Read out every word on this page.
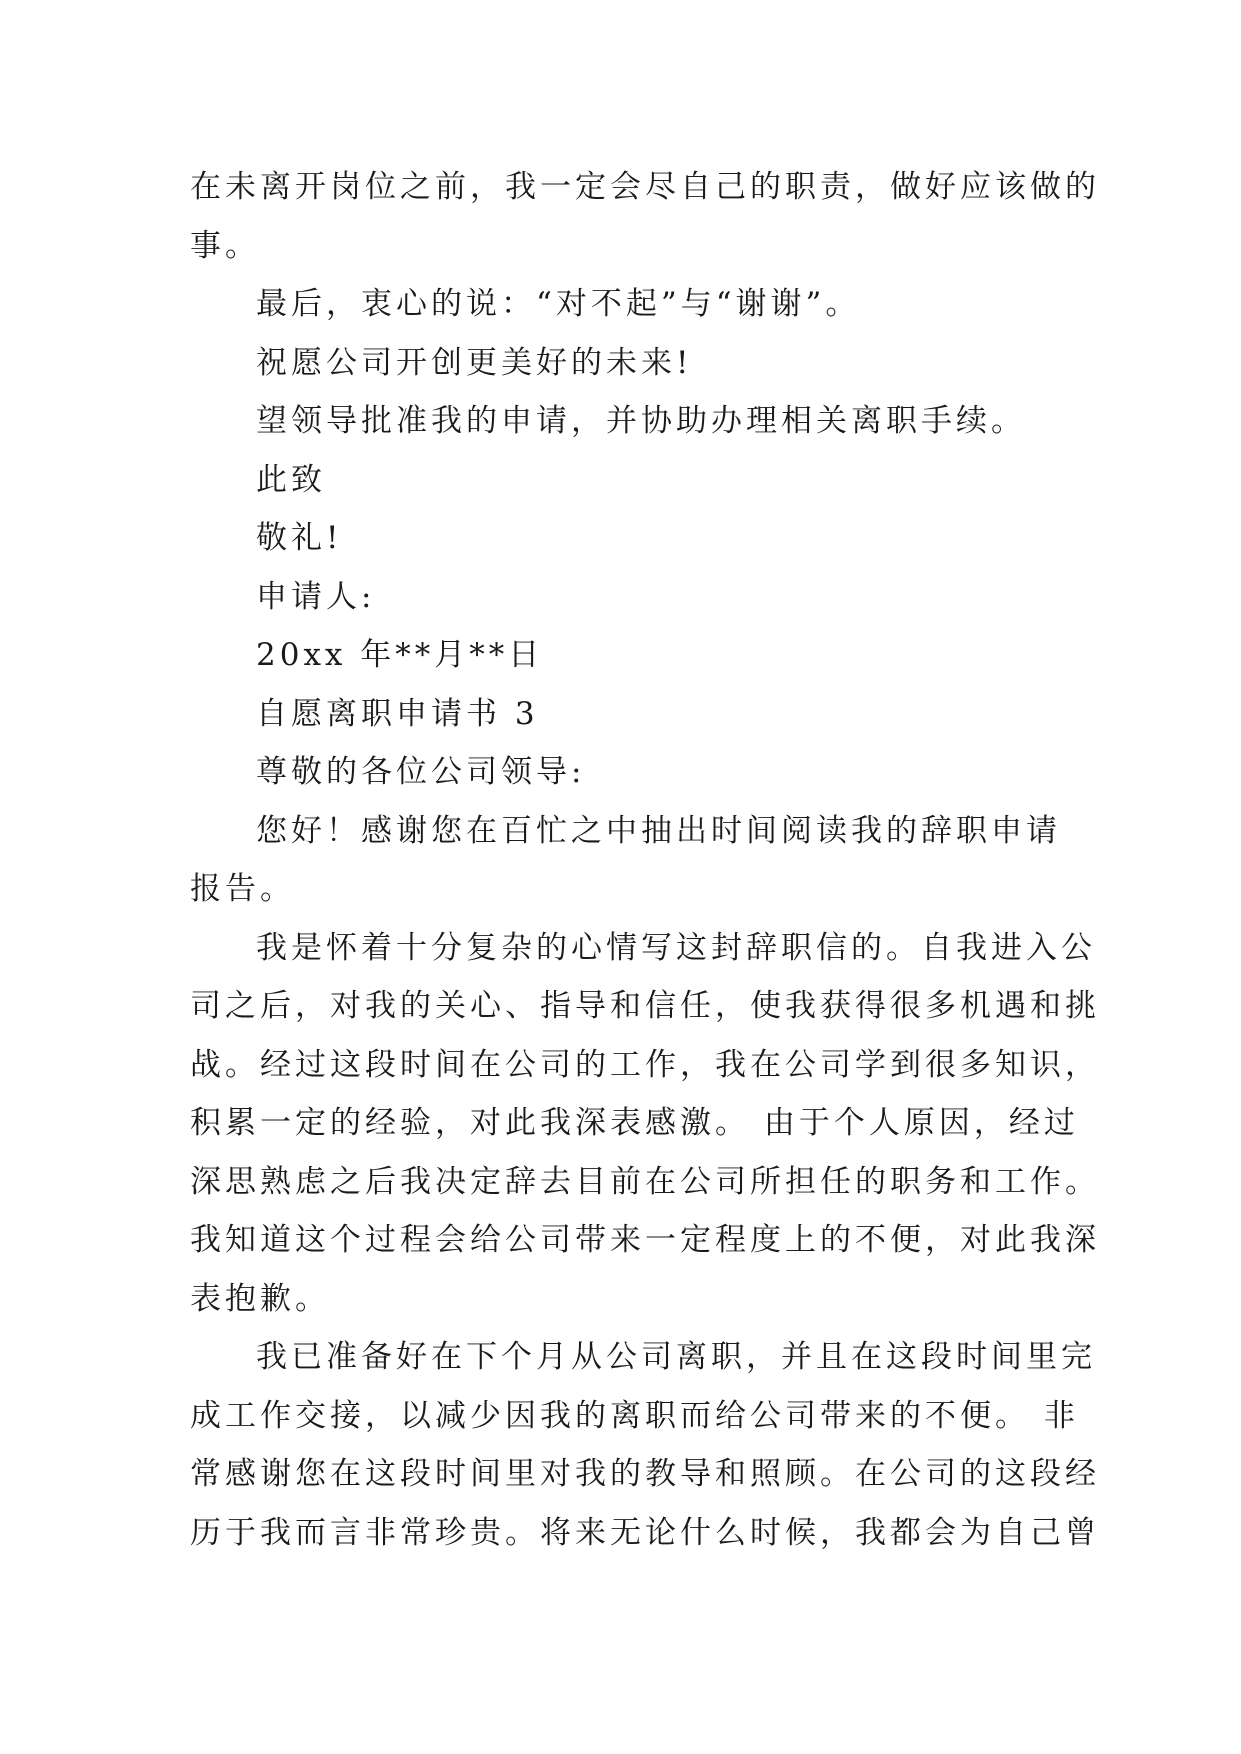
在未离开岗位之前，我一定会尽自己的职责，做好应该做的
事。
最后，衷心的说：“对不起”与“谢谢”。
祝愿公司开创更美好的未来!
望领导批准我的申请，并协助办理相关离职手续。
此致
敬礼!
申请人:
20xx 年**月**日
自愿离职申请书 3
尊敬的各位公司领导:
您好！感谢您在百忙之中抽出时间阅读我的辞职申请
报告。
我是怀着十分复杂的心情写这封辞职信的。自我进入公
司之后，对我的关心、指导和信任，使我获得很多机遇和挑
战。经过这段时间在公司的工作，我在公司学到很多知识，
积累一定的经验，对此我深表感激。 由于个人原因，经过
深思熟虑之后我决定辞去目前在公司所担任的职务和工作。
我知道这个过程会给公司带来一定程度上的不便，对此我深
表抱歉。
我已准备好在下个月从公司离职，并且在这段时间里完
成工作交接，以减少因我的离职而给公司带来的不便。 非
常感谢您在这段时间里对我的教导和照顾。在公司的这段经
历于我而言非常珍贵。将来无论什么时候，我都会为自己曾
